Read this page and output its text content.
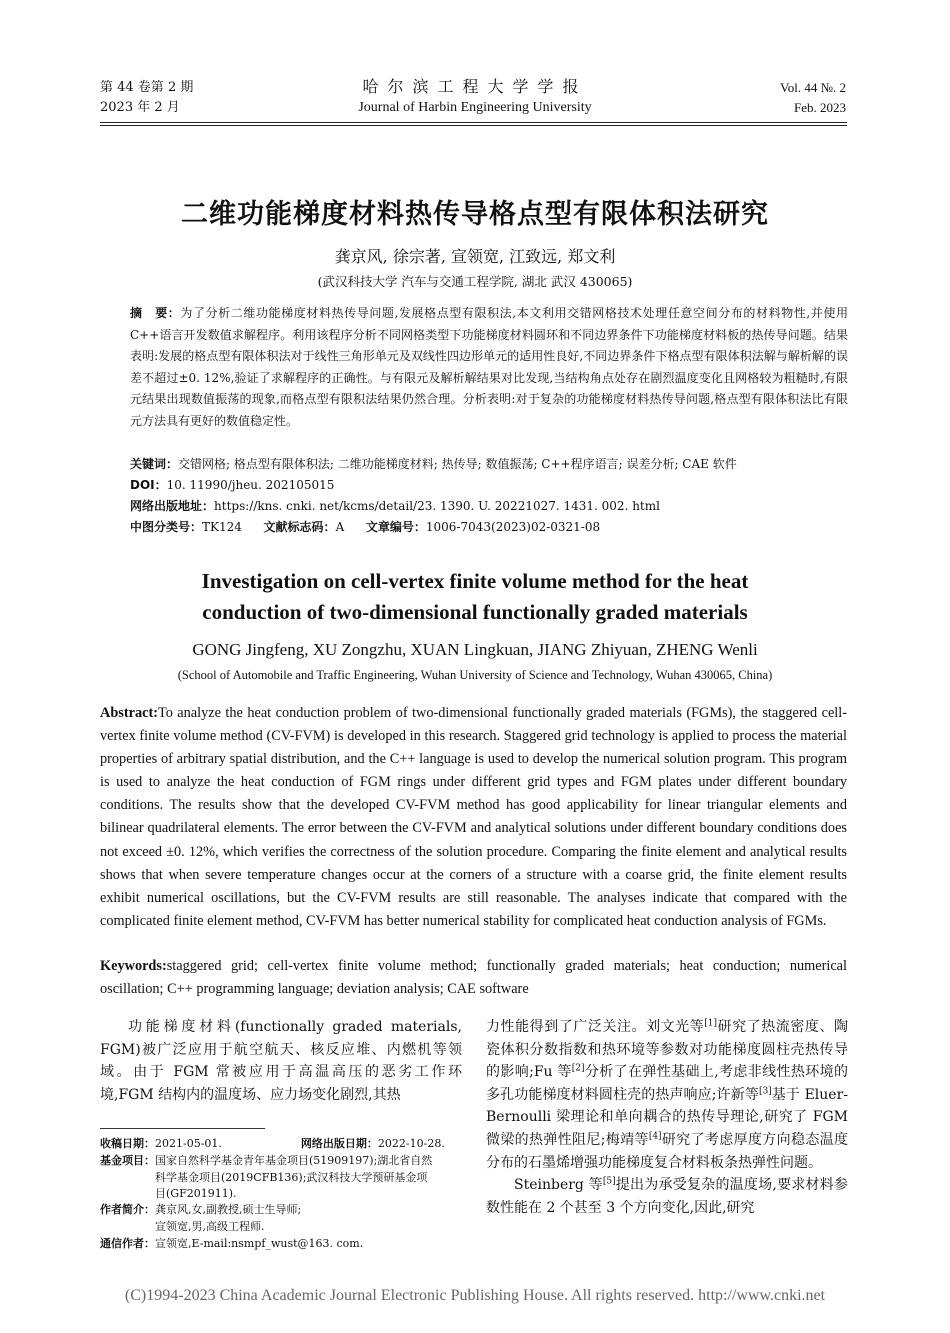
第 44 卷第 2 期
2023 年 2 月
哈尔滨工程大学学报
Journal of Harbin Engineering University
Vol. 44 №. 2
Feb. 2023
二维功能梯度材料热传导格点型有限体积法研究
龚京风, 徐宗著, 宣领宽, 江致远, 郑文利
(武汉科技大学 汽车与交通工程学院, 湖北 武汉 430065)
摘　要：为了分析二维功能梯度材料热传导问题,发展格点型有限积法,本文利用交错网格技术处理任意空间分布的材料物性,并使用 C++语言开发数值求解程序。利用该程序分析不同网格类型下功能梯度材料圆环和不同边界条件下功能梯度材料板的热传导问题。结果表明:发展的格点型有限体积法对于线性三角形单元及双线性四边形单元的适用性良好,不同边界条件下格点型有限体积法解与解析解的误差不超过±0. 12%,验证了求解程序的正确性。与有限元及解析解结果对比发现,当结构角点处存在剧烈温度变化且网格较为粗糙时,有限元结果出现数值振荡的现象,而格点型有限积法结果仍然合理。分析表明:对于复杂的功能梯度材料热传导问题,格点型有限体积法比有限元方法具有更好的数值稳定性。
关键词：交错网格; 格点型有限体积法; 二维功能梯度材料; 热传导; 数值振荡; C++程序语言; 误差分析; CAE 软件
DOI：10. 11990/jheu. 202105015
网络出版地址：https://kns. cnki. net/kcms/detail/23. 1390. U. 20221027. 1431. 002. html
中图分类号：TK124 文献标志码：A 文章编号：1006-7043(2023)02-0321-08
Investigation on cell-vertex finite volume method for the heat
conduction of two-dimensional functionally graded materials
GONG Jingfeng, XU Zongzhu, XUAN Lingkuan, JIANG Zhiyuan, ZHENG Wenli
(School of Automobile and Traffic Engineering, Wuhan University of Science and Technology, Wuhan 430065, China)
Abstract:To analyze the heat conduction problem of two-dimensional functionally graded materials (FGMs), the staggered cell-vertex finite volume method (CV-FVM) is developed in this research. Staggered grid technology is applied to process the material properties of arbitrary spatial distribution, and the C++ language is used to develop the numerical solution program. This program is used to analyze the heat conduction of FGM rings under different grid types and FGM plates under different boundary conditions. The results show that the developed CV-FVM method has good applicability for linear triangular elements and bilinear quadrilateral elements. The error between the CV-FVM and analytical solutions under different boundary conditions does not exceed ±0. 12%, which verifies the correctness of the solution procedure. Comparing the finite element and analytical results shows that when severe temperature changes occur at the corners of a structure with a coarse grid, the finite element results exhibit numerical oscillations, but the CV-FVM results are still reasonable. The analyses indicate that compared with the complicated finite element method, CV-FVM has better numerical stability for complicated heat conduction analysis of FGMs.
Keywords:staggered grid; cell-vertex finite volume method; functionally graded materials; heat conduction; numerical oscillation; C++ programming language; deviation analysis; CAE software
功能梯度材料(functionally graded materials, FGM)被广泛应用于航空航天、核反应堆、内燃机等领域。由于 FGM 常被应用于高温高压的恶劣工作环境,FGM 结构内的温度场、应力场变化剧烈,其热
力性能得到了广泛关注。刘文光等[1]研究了热流密度、陶瓷体积分数指数和热环境等参数对功能梯度圆柱壳热传导的影响;Fu 等[2]分析了在弹性基础上,考虑非线性热环境的多孔功能梯度材料圆柱壳的热声响应;许新等[3]基于 Eluer-Bernoulli 梁理论和单向耦合的热传导理论,研究了 FGM 微梁的热弹性阻尼;梅靖等[4]研究了考虑厚度方向稳态温度分布的石墨烯增强功能梯度复合材料板条热弹性问题。
Steinberg 等[5]提出为承受复杂的温度场,要求材料参数性能在 2 个甚至 3 个方向变化,因此,研究
收稿日期：2021-05-01.	网络出版日期：2022-10-28.
基金项目：国家自然科学基金青年基金项目(51909197);湖北省自然
科学基金项目(2019CFB136);武汉科技大学预研基金项
目(GF201911).
作者简介：龚京风,女,副教授,硕士生导师;
宣领宽,男,高级工程师.
通信作者：宣领宽,E-mail:nsmpf_wust@163. com.
(C)1994-2023 China Academic Journal Electronic Publishing House. All rights reserved. http://www.cnki.net
